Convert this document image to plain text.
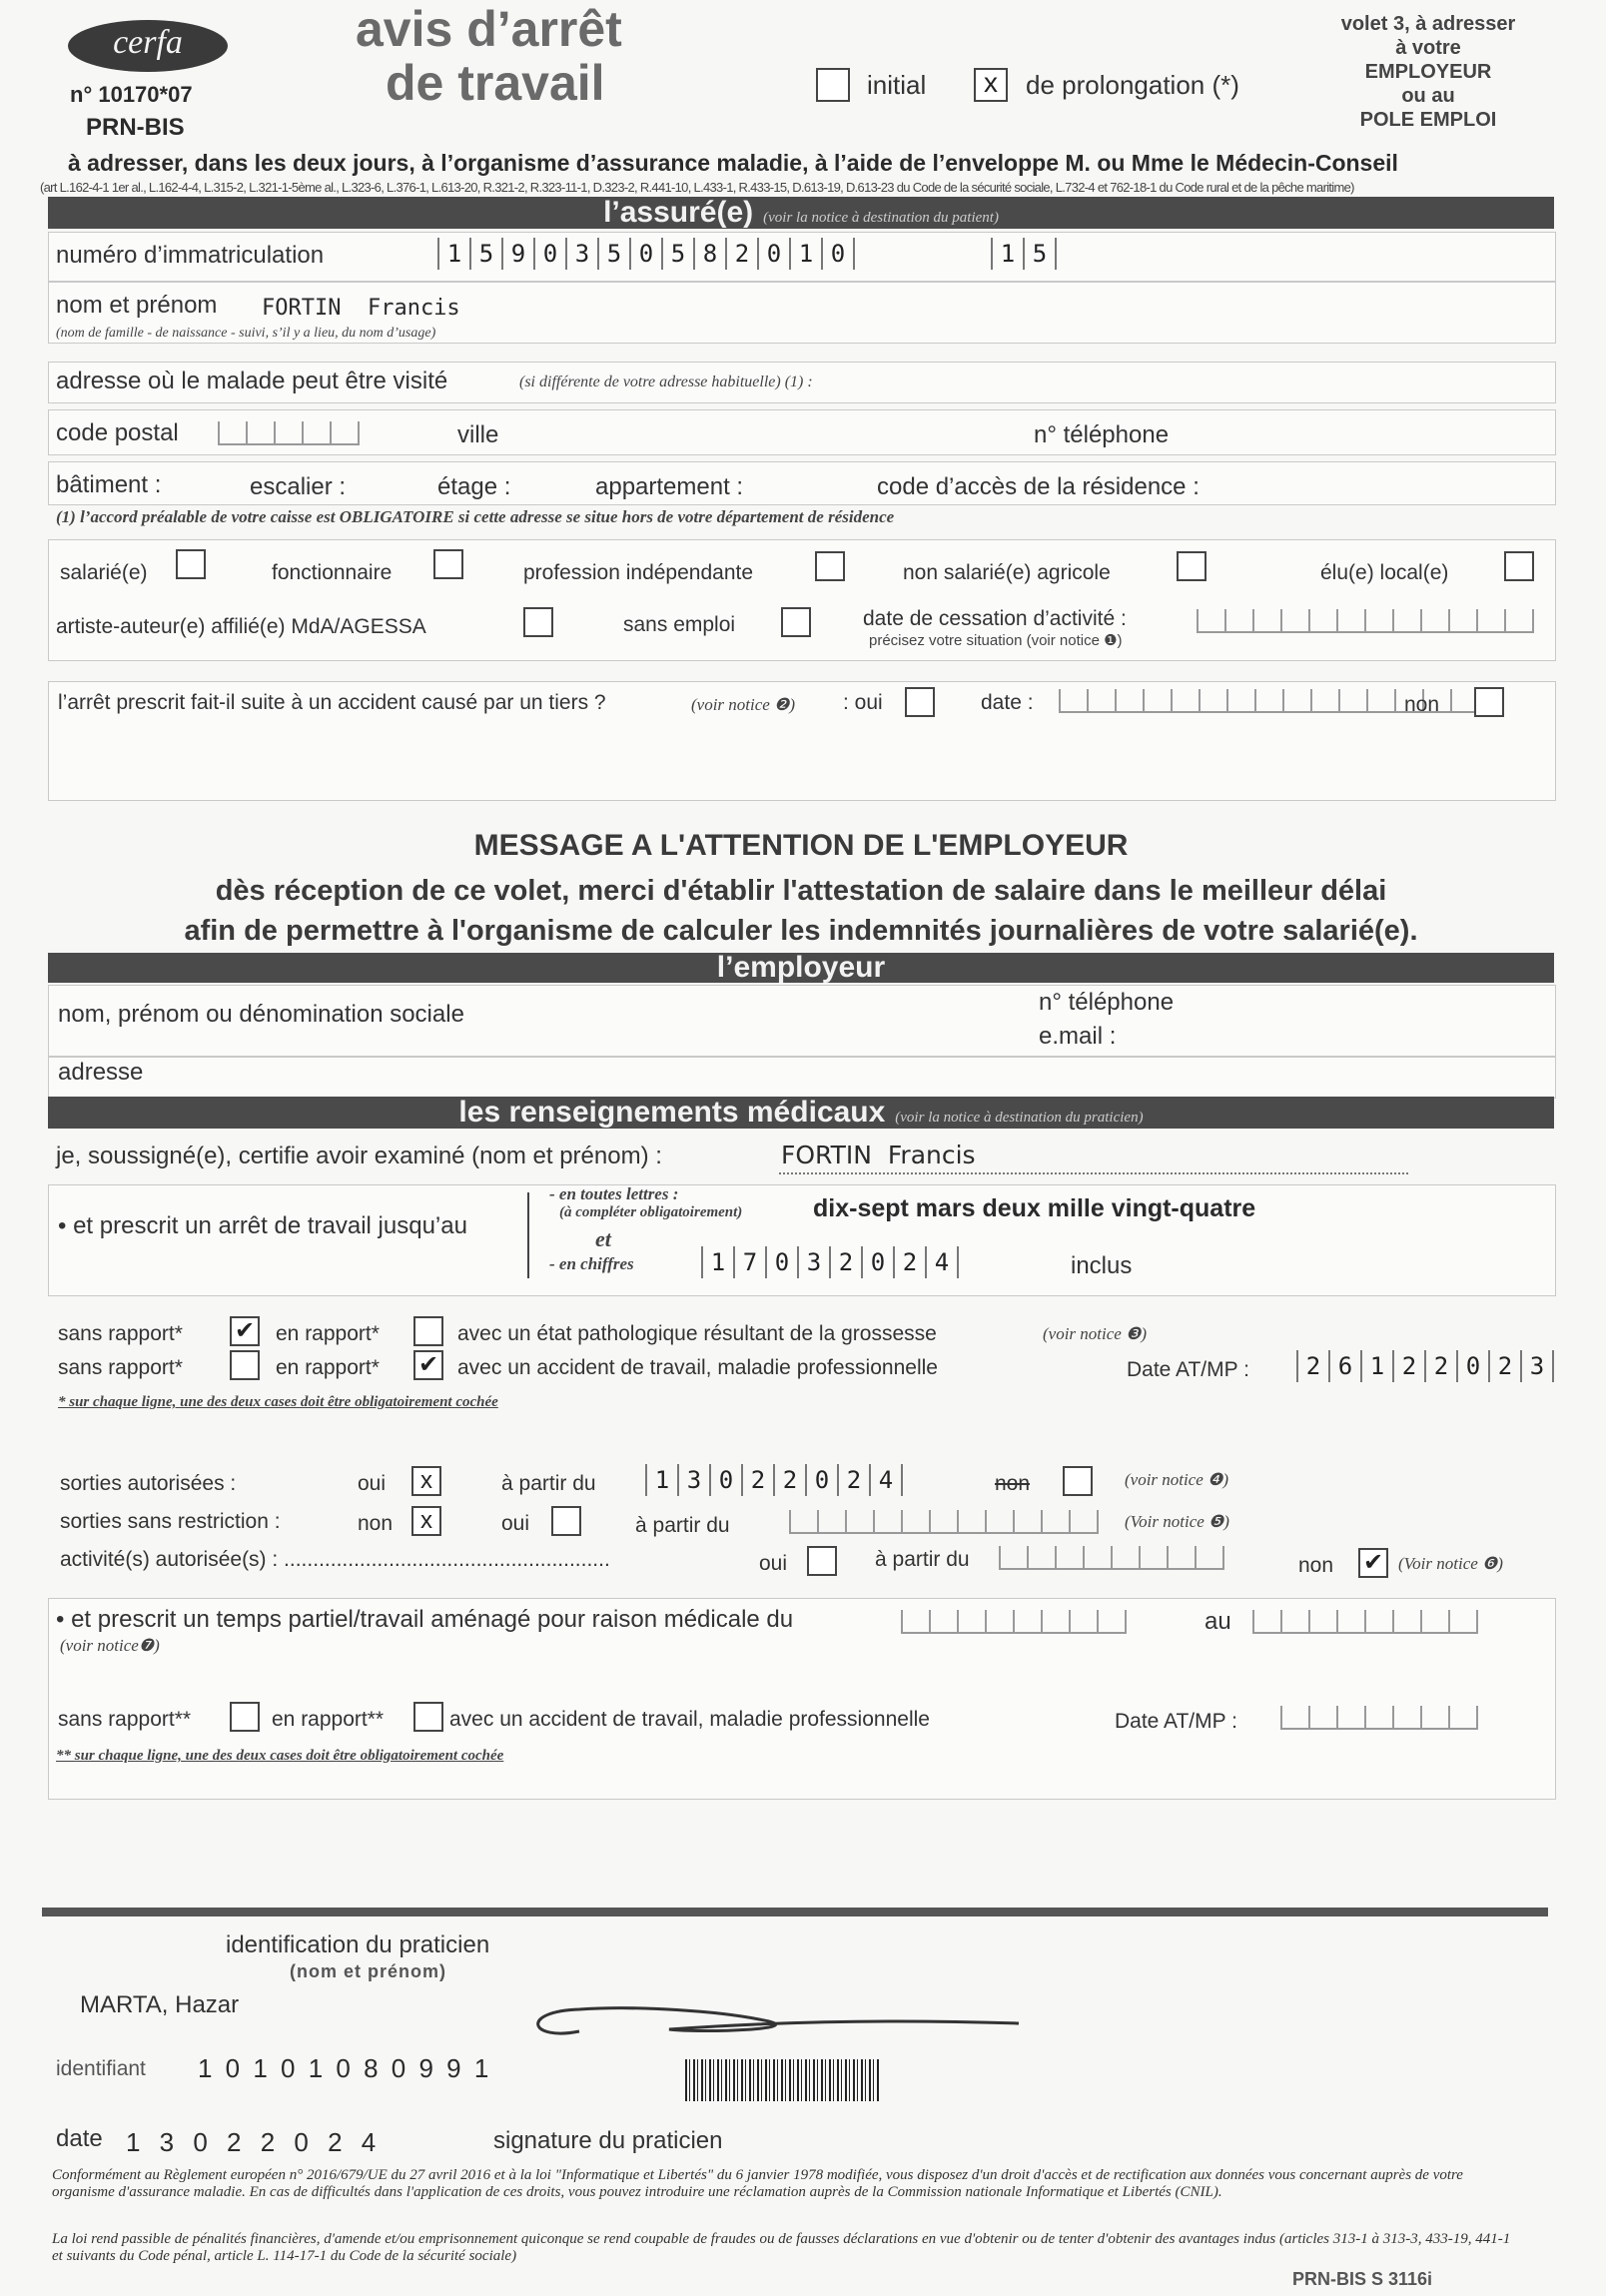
cerfa
n° 10170*07
PRN-BIS
avis d’arrêt
de travail	initial	x	de prolongation (*)
volet 3, à adresser
à votre
EMPLOYEUR
ou au
POLE EMPLOI
à adresser, dans les deux jours, à l’organisme d’assurance maladie, à l’aide de l’enveloppe M. ou Mme le Médecin-Conseil
(art L.162-4-1 1er al., L.162-4-4, L.315-2, L.321-1-5ème al., L.323-6, L.376-1, L.613-20, R.321-2, R.323-11-1, D.323-2, R.441-10, L.433-1, R.433-15, D.613-19, D.613-23 du Code de la sécurité sociale, L.732-4 et 762-18-1 du Code rural et de la pêche maritime)
l’assuré(e) (voir la notice à destination du patient)
numéro d’immatriculation	1 5 9 0 3 5 0 5 8 2 0 1 0	1 5
nom et prénom FORTIN  Francis
(nom de famille - de naissance - suivi, s’il y a lieu, du nom d’usage)
adresse où le malade peut être visité	(si différente de votre adresse habituelle) (1) :
code postal	ville	n° téléphone
bâtiment :	escalier :	étage :	appartement :	code d’accès de la résidence :
(1) l’accord préalable de votre caisse est OBLIGATOIRE si cette adresse se situe hors de votre département de résidence
salarié(e)	fonctionnaire	profession indépendante	non salarié(e) agricole	élu(e) local(e)
artiste-auteur(e) affilié(e) MdA/AGESSA	sans emploi	date de cessation d’activité :
précisez votre situation (voir notice ❶)
l’arrêt prescrit fait-il suite à un accident causé par un tiers ?	(voir notice ❷) : oui	date :	non
MESSAGE A L'ATTENTION DE L'EMPLOYEUR
dès réception de ce volet, merci d'établir l'attestation de salaire dans le meilleur délai
afin de permettre à l'organisme de calculer les indemnités journalières de votre salarié(e).
l’employeur
nom, prénom ou dénomination sociale	n° téléphone
e.mail :
adresse
les renseignements médicaux (voir la notice à destination du praticien)
je, soussigné(e), certifie avoir examiné (nom et prénom) :	FORTIN  Francis
• et prescrit un arrêt de travail jusqu’au
- en toutes lettres :
(à compléter obligatoirement)	dix-sept mars deux mille vingt-quatre
et
- en chiffres	1 7 0 3 2 0 2 4	inclus
sans rapport* ✔ en rapport*	avec un état pathologique résultant de la grossesse	(voir notice ❸)
sans rapport*	en rapport* ✔ avec un accident de travail, maladie professionnelle	Date AT/MP :	2 6 1 2 2 0 2 3
* sur chaque ligne, une des deux cases doit être obligatoirement cochée
sorties autorisées :	oui	x	à partir du	1 3 0 2 2 0 2 4	non	(voir notice ❹)
sorties sans restriction :	non	x	oui	à partir du	(Voir notice ❺)
activité(s) autorisée(s) : ........................................................	oui	à partir du	non ✔ (Voir notice ❻)
• et prescrit un temps partiel/travail aménagé pour raison médicale du	au
(voir notice❼)
sans rapport**	en rapport**	avec un accident de travail, maladie professionnelle	Date AT/MP :
** sur chaque ligne, une des deux cases doit être obligatoirement cochée
identification du praticien
(nom et prénom)
MARTA, Hazar
identifiant 1 0 1 0 1 0 8 0 9 9 1
date 1 3 0 2 2 0 2 4	signature du praticien
Conformément au Règlement européen n° 2016/679/UE du 27 avril 2016 et à la loi "Informatique et Libertés" du 6 janvier 1978 modifiée, vous disposez d'un droit d'accès et de rectification aux données vous concernant auprès de votre organisme d'assurance maladie. En cas de difficultés dans l'application de ces droits, vous pouvez introduire une réclamation auprès de la Commission nationale Informatique et Libertés (CNIL).
La loi rend passible de pénalités financières, d'amende et/ou emprisonnement quiconque se rend coupable de fraudes ou de fausses déclarations en vue d'obtenir ou de tenter d'obtenir des avantages indus (articles 313-1 à 313-3, 433-19, 441-1 et suivants du Code pénal, article L. 114-17-1 du Code de la sécurité sociale)
PRN-BIS S 3116i
